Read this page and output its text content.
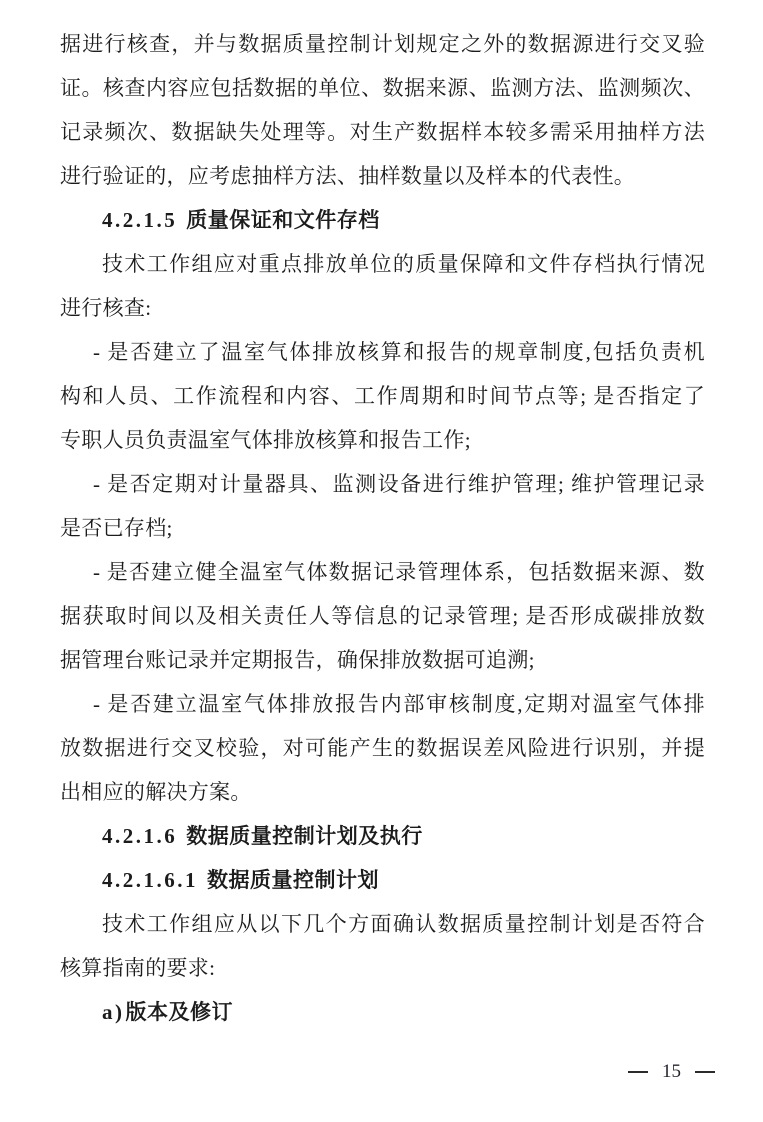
据进行核查，并与数据质量控制计划规定之外的数据源进行交叉验
证。核查内容应包括数据的单位、数据来源、监测方法、监测频次、
记录频次、数据缺失处理等。对生产数据样本较多需采用抽样方法
进行验证的，应考虑抽样方法、抽样数量以及样本的代表性。
4.2.1.5 质量保证和文件存档
技术工作组应对重点排放单位的质量保障和文件存档执行情况
进行核查:
- 是否建立了温室气体排放核算和报告的规章制度,包括负责机
构和人员、工作流程和内容、工作周期和时间节点等; 是否指定了
专职人员负责温室气体排放核算和报告工作;
- 是否定期对计量器具、监测设备进行维护管理; 维护管理记录
是否已存档;
- 是否建立健全温室气体数据记录管理体系，包括数据来源、数
据获取时间以及相关责任人等信息的记录管理; 是否形成碳排放数
据管理台账记录并定期报告，确保排放数据可追溯;
- 是否建立温室气体排放报告内部审核制度,定期对温室气体排
放数据进行交叉校验，对可能产生的数据误差风险进行识别，并提
出相应的解决方案。
4.2.1.6 数据质量控制计划及执行
4.2.1.6.1 数据质量控制计划
技术工作组应从以下几个方面确认数据质量控制计划是否符合
核算指南的要求:
a)版本及修订
15
